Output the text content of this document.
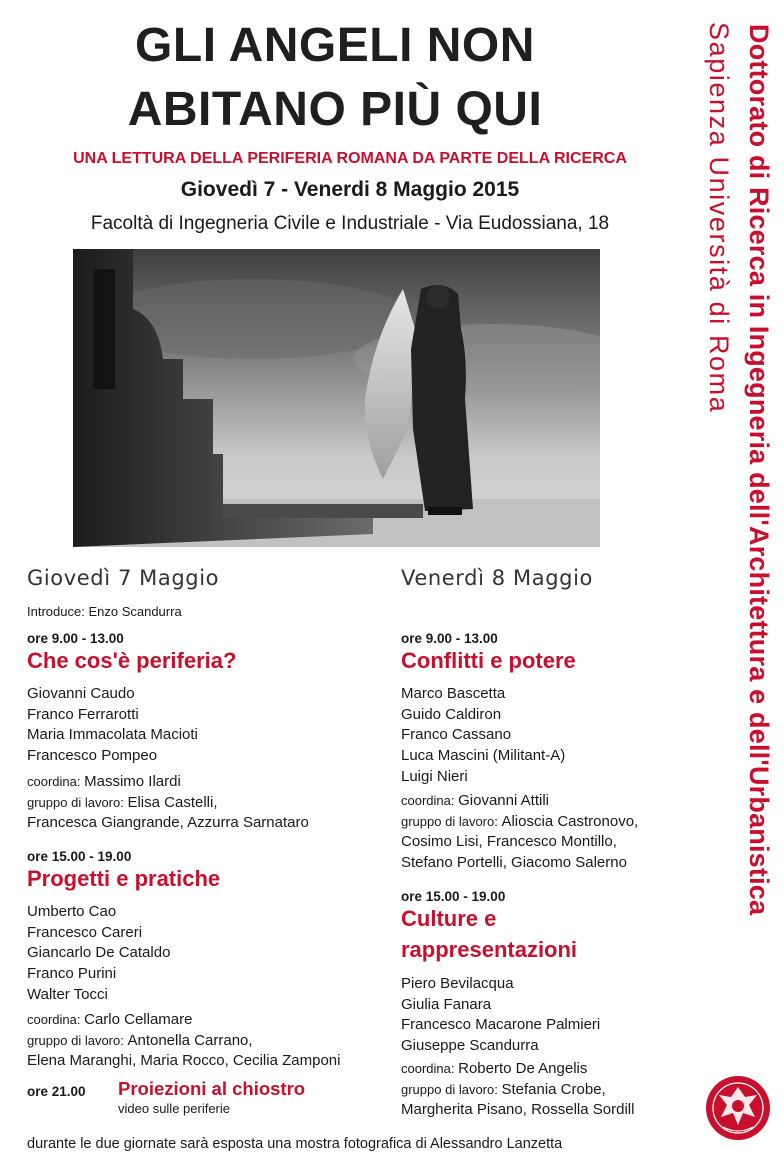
GLI ANGELI NON
ABITANO PIÙ QUI
UNA LETTURA DELLA PERIFERIA ROMANA DA PARTE DELLA RICERCA
Giovedì 7 - Venerdi 8 Maggio 2015
Facoltà di Ingegneria Civile e Industriale - Via Eudossiana, 18	Dottorato di Ricerca in Ingegneria dell'Architettura e dell'Urbanistica
Sapienza Università di Roma
Giovedì 7 Maggio
Introduce: Enzo Scandurra
ore 9.00 - 13.00
Che cos'è periferia?
Giovanni Caudo
Franco Ferrarotti
Maria Immacolata Macioti
Francesco Pompeo
coordina: Massimo Ilardi
gruppo di lavoro: Elisa Castelli,
Francesca Giangrande, Azzurra Sarnataro
ore 15.00 - 19.00
Progetti e pratiche
Umberto Cao
Francesco Careri
Giancarlo De Cataldo
Franco Purini
Walter Tocci
coordina: Carlo Cellamare
gruppo di lavoro: Antonella Carrano,
Elena Maranghi, Maria Rocco, Cecilia Zamponi
ore 21.00 Proiezioni al chiostro
video sulle periferie
Venerdì 8 Maggio
ore 9.00 - 13.00
Conflitti e potere
Marco Bascetta
Guido Caldiron
Franco Cassano
Luca Mascini (Militant-A)
Luigi Nieri
coordina: Giovanni Attili
gruppo di lavoro: Alioscia Castronovo,
Cosimo Lisi, Francesco Montillo,
Stefano Portelli, Giacomo Salerno
ore 15.00 - 19.00
Culture e
rappresentazioni
Piero Bevilacqua
Giulia Fanara
Francesco Macarone Palmieri
Giuseppe Scandurra
coordina: Roberto De Angelis
gruppo di lavoro: Stefania Crobe,
Margherita Pisano, Rossella Sordill
durante le due giornate sarà esposta una mostra fotografica di Alessandro Lanzetta
